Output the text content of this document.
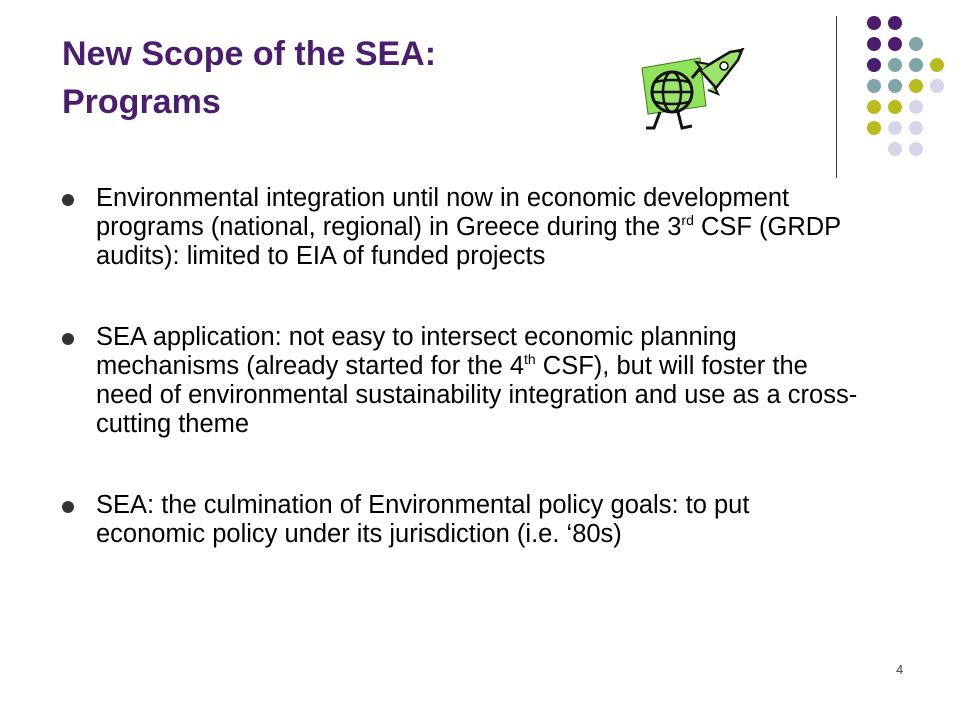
New Scope of the SEA:
Programs
Environmental integration until now in economic development programs (national, regional) in Greece during the 3rd CSF (GRDP audits): limited to EIA of funded projects
SEA application: not easy to intersect economic planning mechanisms (already started for the 4th CSF), but will foster the need of environmental sustainability integration and use as a cross-cutting theme
SEA: the culmination of Environmental policy goals: to put economic policy under its jurisdiction (i.e. ‘80s)
4
